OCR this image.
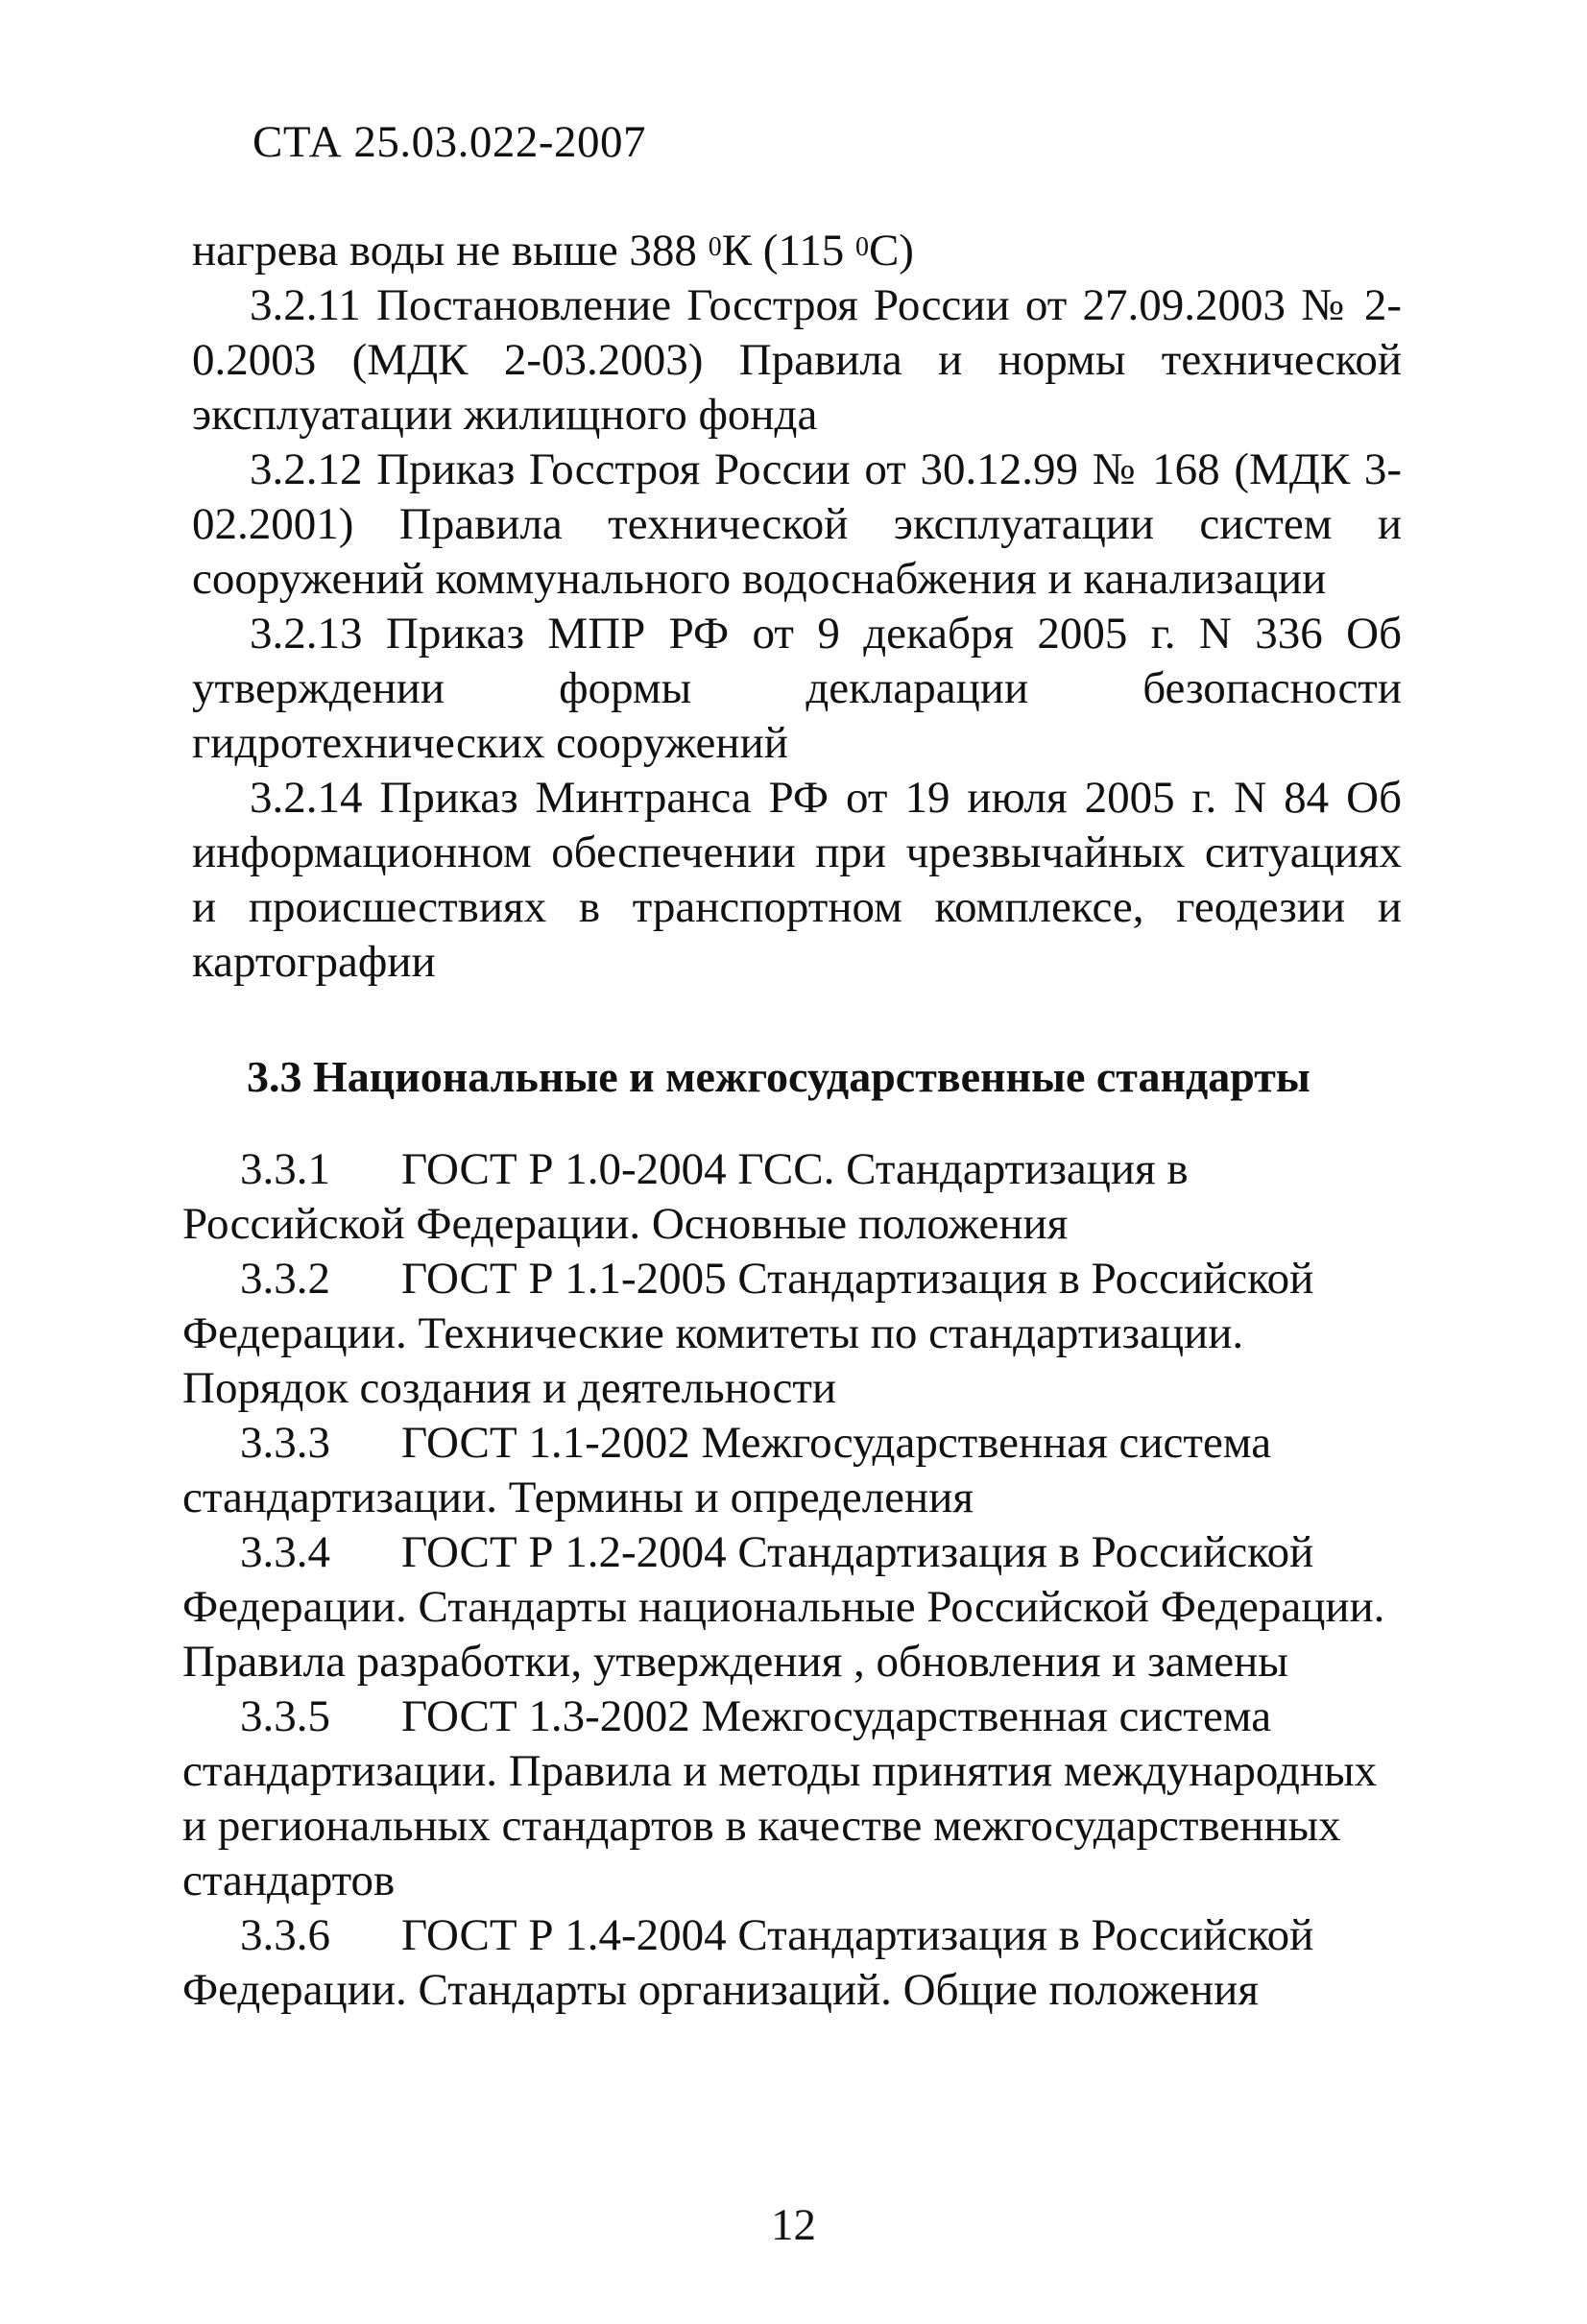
СТА 25.03.022-2007

нагрева воды не выше 388 $^0$К (115 $^0$С)

3.2.11 Постановление Госстроя России от 27.09.2003 № 2-0.2003 (МДК 2-03.2003) Правила и нормы технической эксплуатации жилищного фонда

3.2.12 Приказ Госстроя России от 30.12.99 № 168 (МДК 3-02.2001) Правила технической эксплуатации систем и сооружений коммунального водоснабжения и канализации

3.2.13 Приказ МПР РФ от 9 декабря 2005 г. N 336 Об утверждении формы декларации безопасности гидротехнических сооружений

3.2.14 Приказ Минтранса РФ от 19 июля 2005 г. N 84 Об информационном обеспечении при чрезвычайных ситуациях и происшествиях в транспортном комплексе, геодезии и картографии

3.3 Национальные и межгосударственные стандарты
3.3.1 ГОСТ Р 1.0-2004 ГСС. Стандартизация в
Российской Федерации. Основные положения
3.3.2 ГОСТ Р 1.1-2005 Стандартизация в Российской
Федерации. Технические комитеты по стандартизации. Порядок создания и деятельности
3.3.3 ГОСТ 1.1-2002 Межгосударственная система
стандартизации. Термины и определения
3.3.4 ГОСТ Р 1.2-2004 Стандартизация в Российской
Федерации. Стандарты национальные Российской Федерации. Правила разработки, утверждения , обновления и замены
3.3.5 ГОСТ 1.3-2002 Межгосударственная система
стандартизации. Правила и методы принятия международных и региональных стандартов в качестве межгосударственных стандартов
3.3.6 ГОСТ Р 1.4-2004 Стандартизация в Российской
Федерации. Стандарты организаций. Общие положения
12
